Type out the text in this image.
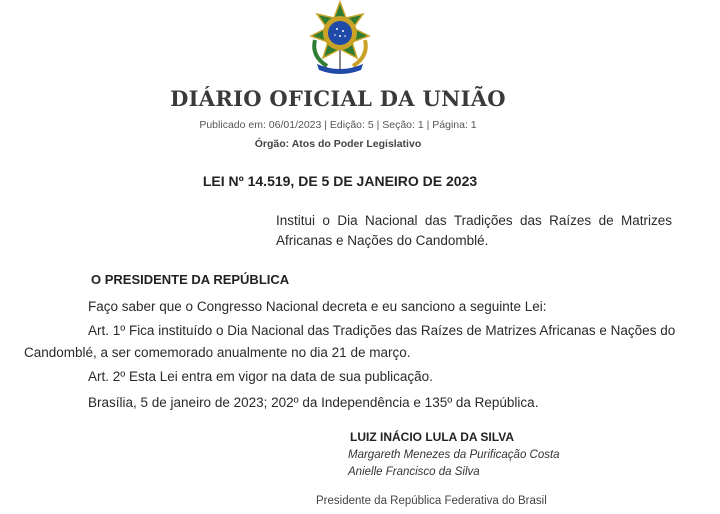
DIÁRIO OFICIAL DA UNIÃO
Publicado em: 06/01/2023 | Edição: 5 | Seção: 1 | Página: 1
Órgão: Atos do Poder Legislativo
LEI Nº 14.519, DE 5 DE JANEIRO DE 2023
Institui o Dia Nacional das Tradições das Raízes de Matrizes Africanas e Nações do Candomblé.
O PRESIDENTE DA REPÚBLICA
Faço saber que o Congresso Nacional decreta e eu sanciono a seguinte Lei:
Art. 1º Fica instituído o Dia Nacional das Tradições das Raízes de Matrizes Africanas e Nações do
Candomblé, a ser comemorado anualmente no dia 21 de março.
Art. 2º Esta Lei entra em vigor na data de sua publicação.
Brasília, 5 de janeiro de 2023; 202º da Independência e 135º da República.
LUIZ INÁCIO LULA DA SILVA
Margareth Menezes da Purificação Costa
Anielle Francisco da Silva
Presidente da República Federativa do Brasil
